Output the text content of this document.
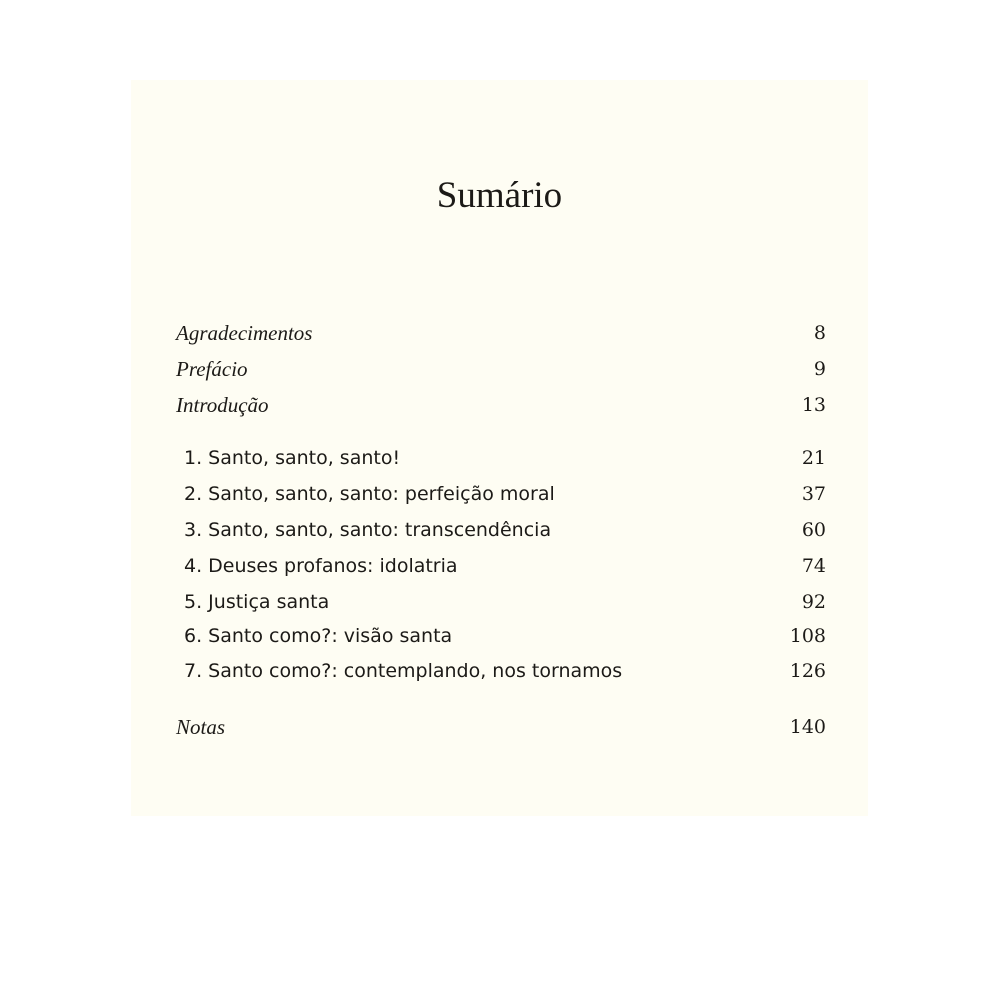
Sumário
Agradecimentos	8
Prefácio	9
Introdução	13
1. Santo, santo, santo!	21
2. Santo, santo, santo: perfeição moral	37
3. Santo, santo, santo: transcendência	60
4. Deuses profanos: idolatria	74
5. Justiça santa	92
6. Santo como?: visão santa	108
7. Santo como?: contemplando, nos tornamos	126
Notas	140
